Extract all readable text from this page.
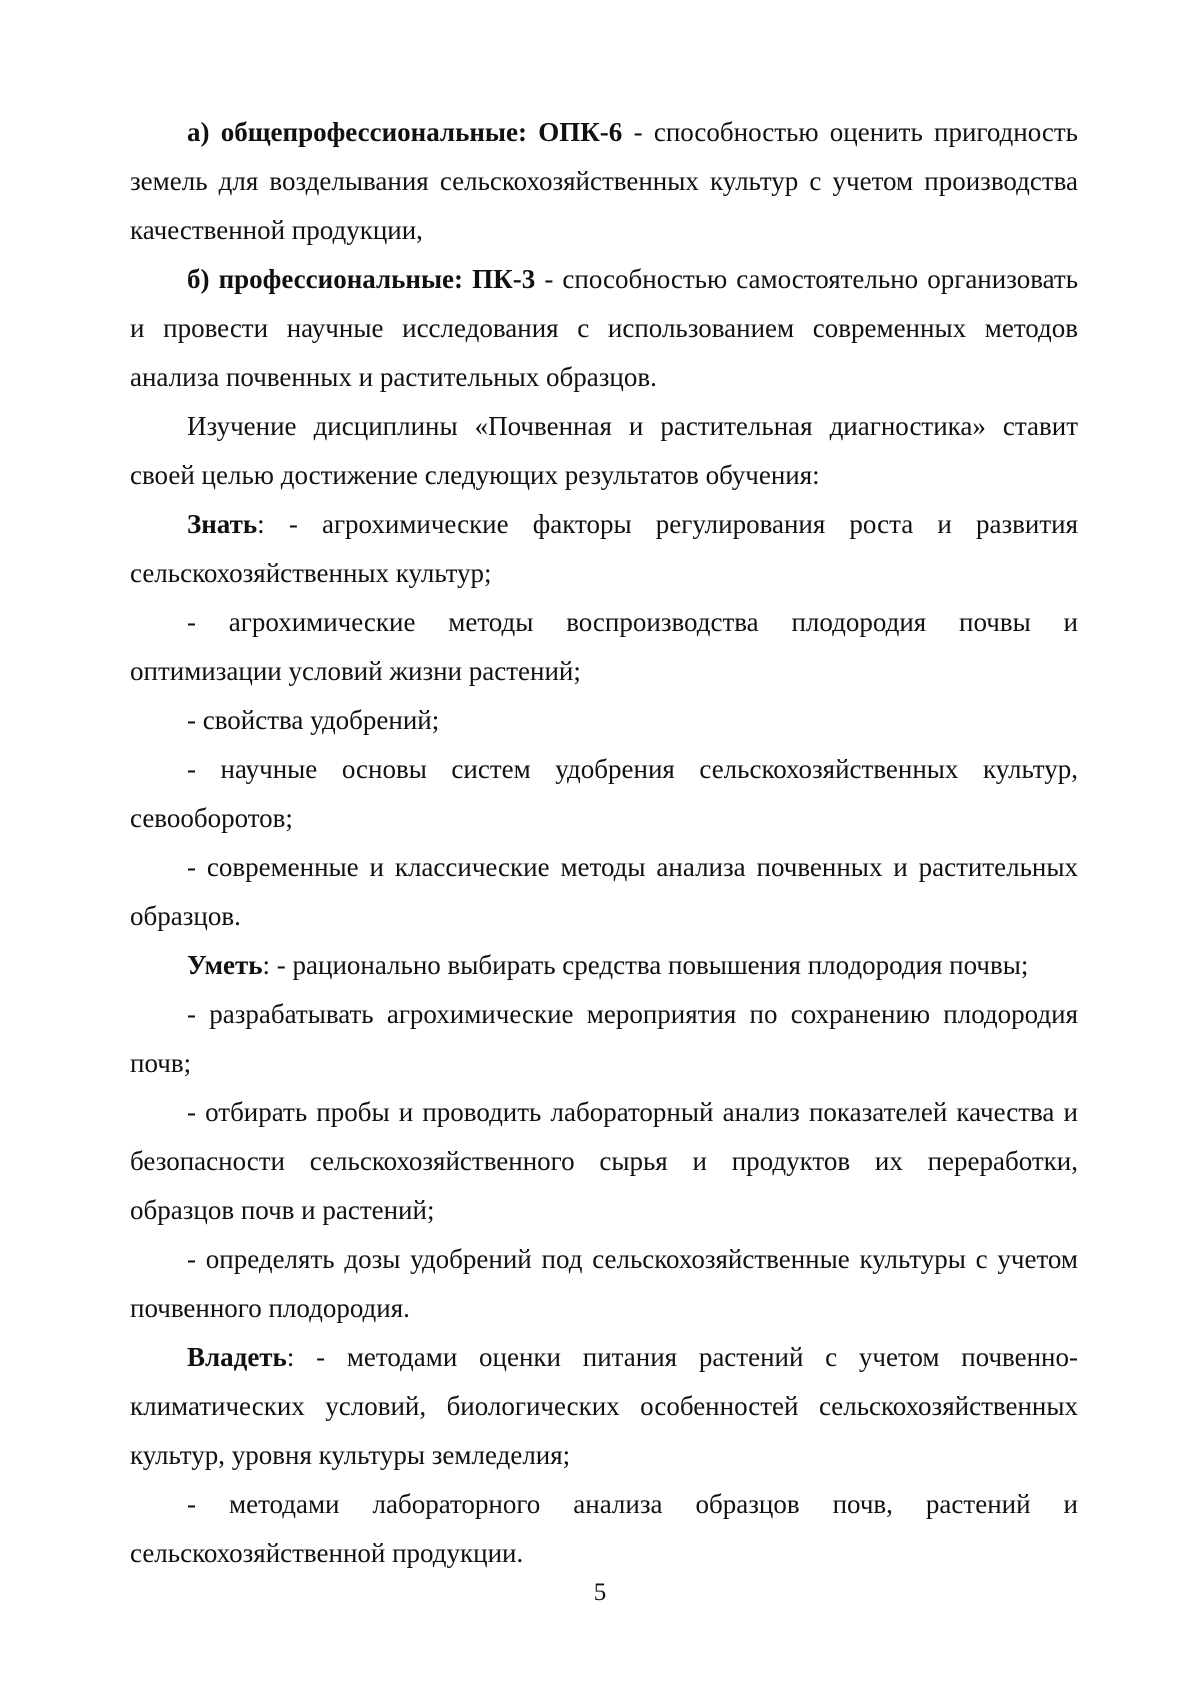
а) общепрофессиональные: ОПК-6 - способностью оценить пригодность земель для возделывания сельскохозяйственных культур с учетом производства качественной продукции,

б) профессиональные: ПК-3 - способностью самостоятельно организовать и провести научные исследования с использованием современных методов анализа почвенных и растительных образцов.

Изучение дисциплины «Почвенная и растительная диагностика» ставит своей целью достижение следующих результатов обучения:

Знать: - агрохимические факторы регулирования роста и развития сельскохозяйственных культур;

- агрохимические методы воспроизводства плодородия почвы и оптимизации условий жизни растений;

- свойства удобрений;

- научные основы систем удобрения сельскохозяйственных культур, севооборотов;

- современные и классические методы анализа почвенных и растительных образцов.

Уметь: - рационально выбирать средства повышения плодородия почвы;

- разрабатывать агрохимические мероприятия по сохранению плодородия почв;

- отбирать пробы и проводить лабораторный анализ показателей качества и безопасности сельскохозяйственного сырья и продуктов их переработки, образцов почв и растений;

- определять дозы удобрений под сельскохозяйственные культуры с учетом почвенного плодородия.

Владеть: - методами оценки питания растений с учетом почвенно-климатических условий, биологических особенностей сельскохозяйственных культур, уровня культуры земледелия;

- методами лабораторного анализа образцов почв, растений и сельскохозяйственной продукции.

5
